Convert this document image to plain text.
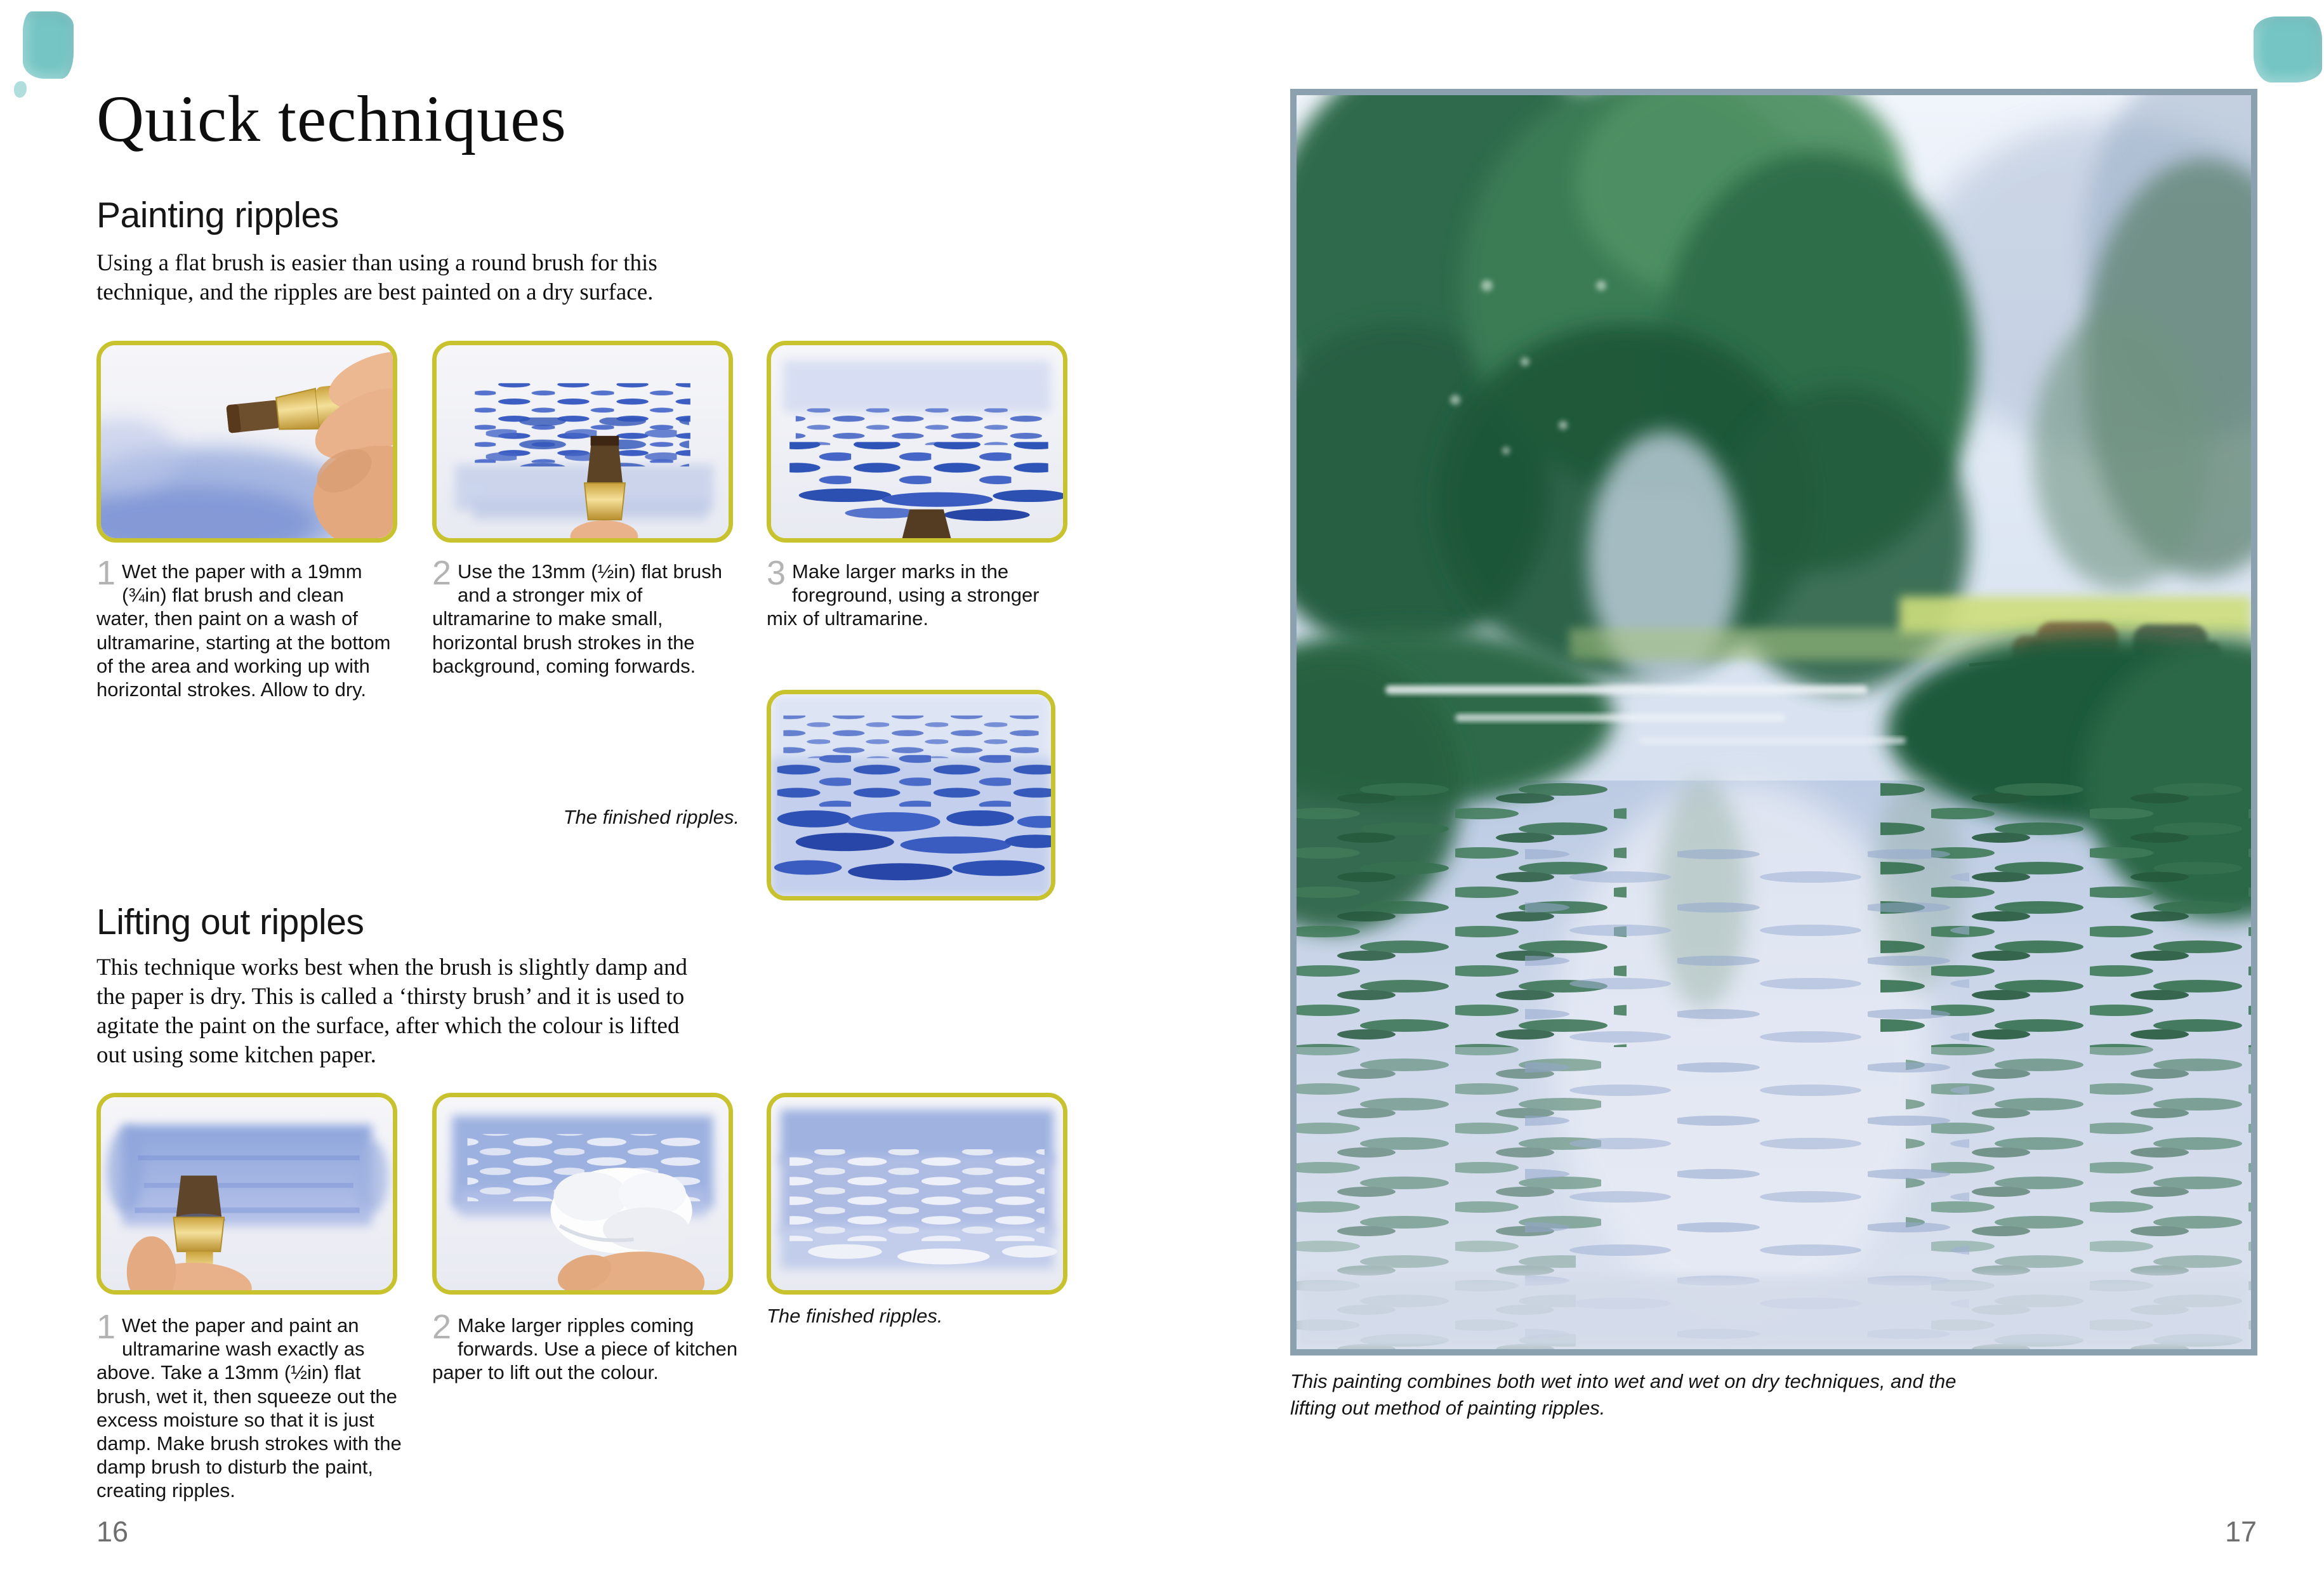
Quick techniques
Painting ripples
Using a flat brush is easier than using a round brush for this technique, and the ripples are best painted on a dry surface.
1 Wet the paper with a 19mm (¾in) flat brush and clean water, then paint on a wash of ultramarine, starting at the bottom of the area and working up with horizontal strokes. Allow to dry.
2 Use the 13mm (½in) flat brush and a stronger mix of ultramarine to make small, horizontal brush strokes in the background, coming forwards.
3 Make larger marks in the foreground, using a stronger mix of ultramarine.
The finished ripples.
Lifting out ripples
This technique works best when the brush is slightly damp and the paper is dry. This is called a ‘thirsty brush’ and it is used to agitate the paint on the surface, after which the colour is lifted out using some kitchen paper.
1 Wet the paper and paint an ultramarine wash exactly as above. Take a 13mm (½in) flat brush, wet it, then squeeze out the excess moisture so that it is just damp. Make brush strokes with the damp brush to disturb the paint, creating ripples.
2 Make larger ripples coming forwards. Use a piece of kitchen paper to lift out the colour.
The finished ripples.
16
This painting combines both wet into wet and wet on dry techniques, and the lifting out method of painting ripples.
17
